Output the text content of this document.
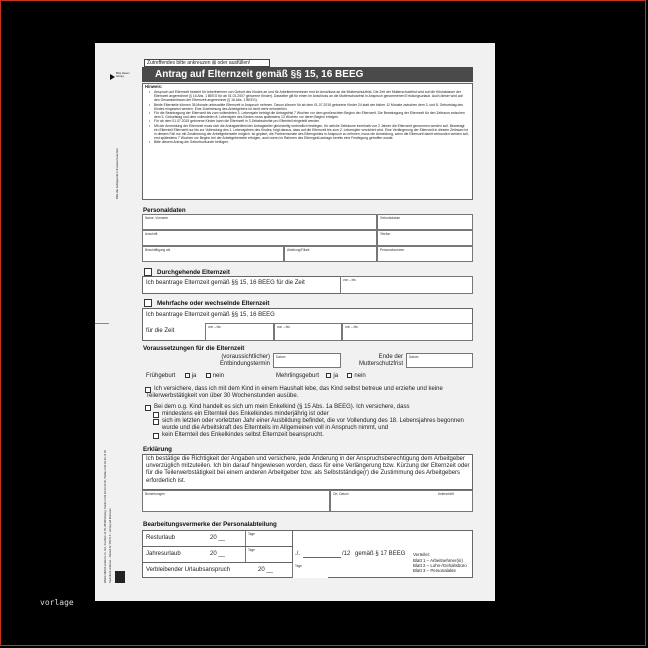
Bitte diesen Antrag
Bitte die beiliegenden Hinweise beachten.
WEKA MEDIA GmbH & Co. KG, Postfach 12 09, 86438 Kissing, Telefon 0 82 33-23-40 00, Telefax 0 82 33-23-74 00 Nachdruck verboten – Bestell-Nr. 05076-5 – Antrag auf Elternzeit
Zutreffendes bitte ankreuzen ⊠ oder ausfüllen!
Antrag auf Elternzeit gemäß §§ 15, 16 BEEG
Hinweis:
• Anspruch auf Elternzeit besteht für Arbeitnehmer von Geburt des Kindes an und für Arbeitnehmerinnen erst im Anschluss an die Mutterschutzfrist. Die Zeit der Mutterschutzfrist wird auf die Höchstdauer der Elternzeit angerechnet (§ 16 Abs. 1 BEEG für ab 01.01.2007 geborene Kinder). Dasselbe gilt für einen im Anschluss an die Mutterschutzfrist in Anspruch genommenen Erholungsurlaub. Auch dieser wird auf den Gesamtzeitraum der Elternzeit angerechnet (§ 16 Abs. 1 BEEG).
• Beide Elternteile können 36 Monate unbezahlte Elternzeit in Anspruch nehmen. Davon können für ab dem 01.07.2015 geborene Kinder 24 statt wie bisher 12 Monate zwischen dem 3. und 8. Geburtstag des Kindes eingesetzt werden. Eine Zustimmung des Arbeitgebers ist nicht mehr erforderlich.
• Für die Beantragung der Elternzeit bis zum vollendeten 3. Lebensjahr beträgt die Antragsfrist 7 Wochen vor dem gewünschten Beginn der Elternzeit. Die Beantragung der Elternzeit für den Zeitraum zwischen dem 3. Geburtstag und dem vollendeten 8. Lebensjahr des Kindes muss spätestens 13 Wochen vor deren Beginn erfolgen.
• Für ab dem 01.07.2015 geborene Kinder kann die Elternzeit in 3 Zeitabschnitte pro Elternteil eingeteilt werden.
• Mit der Anmeldung der Elternzeit muss sich die Antragstellerin/der Antragsteller gleichzeitig verbindlich festlegen, für welche Zeiträume innerhalb von 2 Jahren die Elternzeit genommen werden soll. Beantragt ein Elternteil Elternzeit nur bis zur Vollendung des 1. Lebensjahres des Kindes, folgt daraus, dass auf die Elternzeit bis zum 2. Lebensjahr verzichtet wird. Eine Verlängerung der Elternzeit in diesem Zeitraum ist in diesem Fall nur mit Zustimmung der Arbeitgeberseite möglich. Ist geplant, die Partnermonate des Elterngeldes in Anspruch zu nehmen, muss die Anmeldung, wenn die Elternzeit damit verbunden werden soll, erst spätestens 7 Wochen vor Beginn bei der Arbeitgeberseite erfolgen, auch wenn im Rahmen des Elterngeld-antrags bereits eine Festlegung getroffen wurde.
• Bitte diesem Antrag die Geburtsurkunde beifügen.
Personaldaten
Name, Vorname	Geburtsdatum
Anschrift	Telefon
Beschäftigung als	Abteilung/Filiale	Personalnummer
Durchgehende Elternzeit
Ich beantrage Elternzeit gemäß §§ 15, 16 BEEG für die Zeit	von – bis
Mehrfache oder wechselnde Elternzeit
Ich beantrage Elternzeit gemäß §§ 15, 16 BEEG
für die Zeit
von – bis	von – bis	von – bis
Voraussetzungen für die Elternzeit
(voraussichtlicher) Entbindungstermin
Datum	Ende der Mutterschutzfrist
Datum
Frühgeburt	ja	nein	Mehrlingsgeburt ja	nein
Ich versichere, dass ich mit dem Kind in einem Haushalt lebe, das Kind selbst betreue und erziehe und keine Teilerwerbstätigkeit von über 30 Wochenstunden ausübe.
Bei dem o.g. Kind handelt es sich um mein Enkelkind (§ 15 Abs. 1a BEEG). Ich versichere, dass
mindestens ein Elternteil des Enkelkindes minderjährig ist oder
sich im letzten oder vorletzten Jahr einer Ausbildung befindet, die vor Vollendung des 18. Lebensjahres begonnen wurde und die Arbeitskraft des Elternteils im Allgemeinen voll in Anspruch nimmt, und
kein Elternteil des Enkelkindes selbst Elternzeit beansprucht.
Erklärung
Ich bestätige die Richtigkeit der Angaben und versichere, jede Änderung in der Anspruchsberechtigung dem Arbeitgeber unverzüglich mitzuteilen. Ich bin darauf hingewiesen worden, dass für eine Verlängerung bzw. Kürzung der Elternzeit oder für die Teilerwerbstätigkeit bei einem anderen Arbeitgeber bzw. als Selbstständige(r) die Zustimmung des Arbeitgebers erforderlich ist.
Bemerkungen	Ort, Datum	Unterschrift
Bearbeitungsvermerke der Personalabteilung
Resturlaub	20 __
Tage
Jahresurlaub	20 __
Tage
Verbleibender Urlaubsanspruch	20 __
Tage
./.	/12 gemäß § 17 BEEG Verteiler:
Blatt 1 – Arbeitnehmer(in)
Blatt 2 – Lohn-/Gehaltsbüro
Blatt 3 – Personalakte
vorlage
